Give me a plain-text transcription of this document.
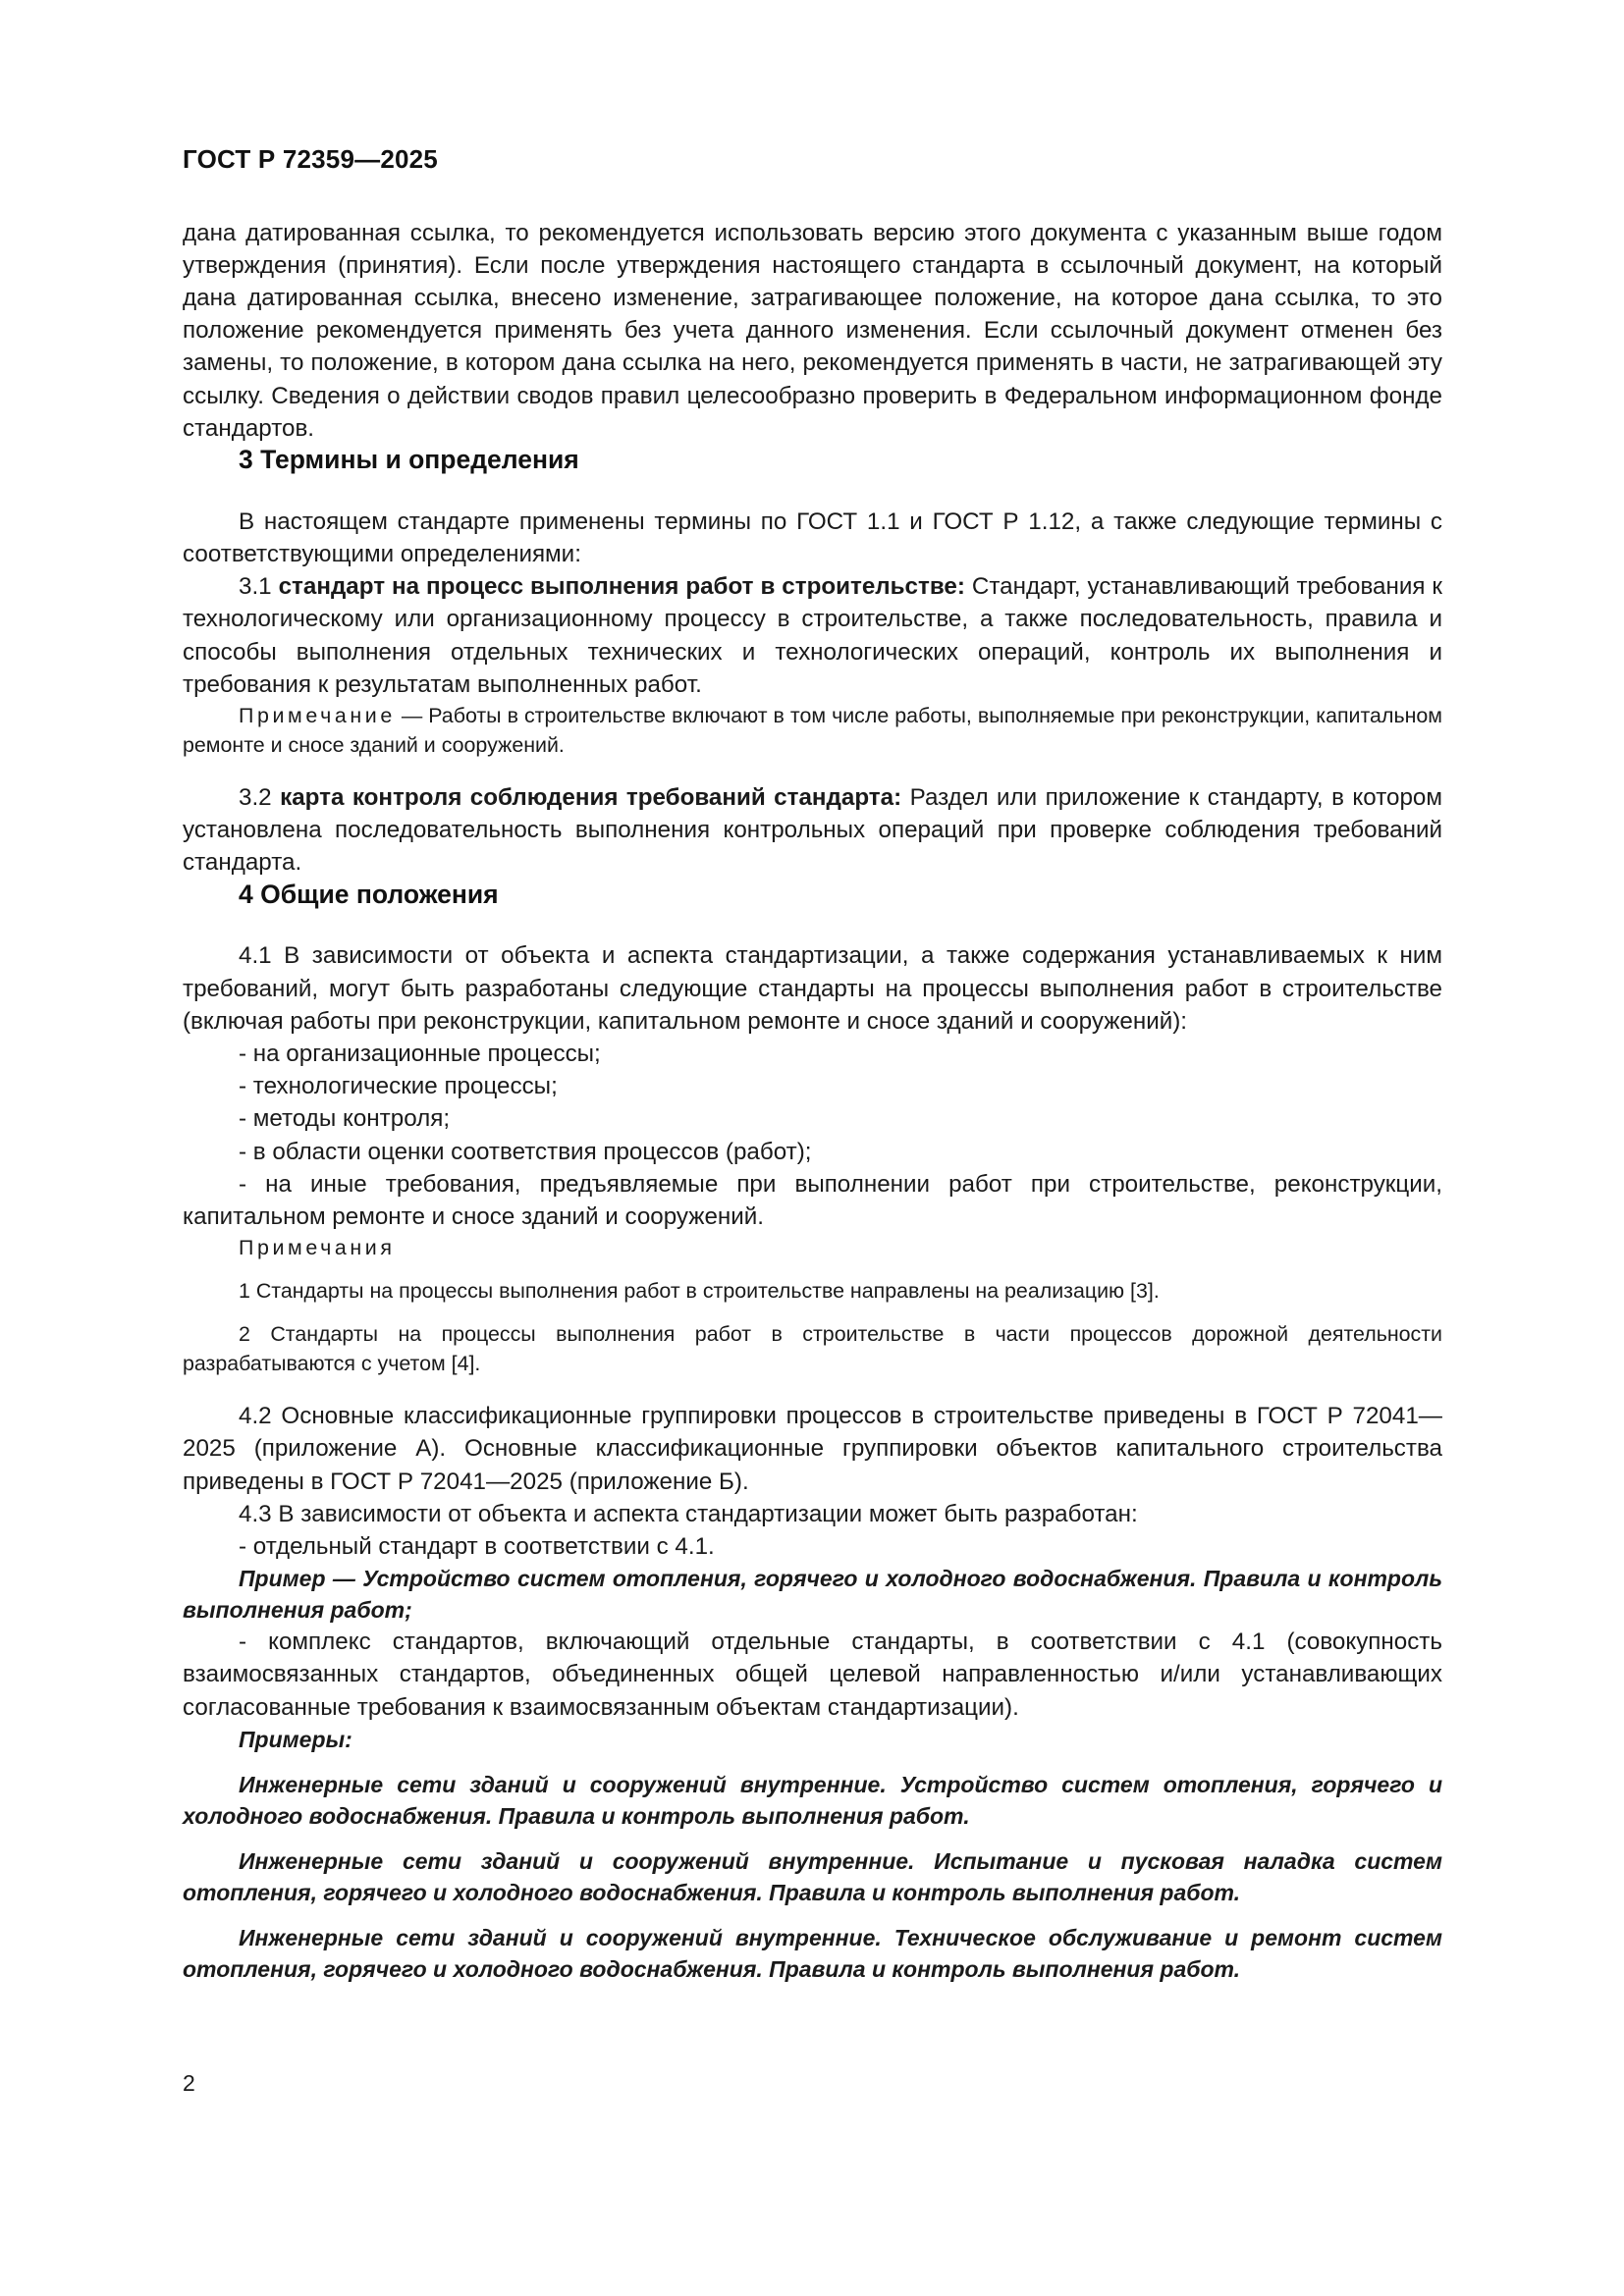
ГОСТ Р 72359—2025

дана датированная ссылка, то рекомендуется использовать версию этого документа с указанным выше годом утверждения (принятия). Если после утверждения настоящего стандарта в ссылочный документ, на который дана датированная ссылка, внесено изменение, затрагивающее положение, на которое дана ссылка, то это положение рекомендуется применять без учета данного изменения. Если ссылочный документ отменен без замены, то положение, в котором дана ссылка на него, рекомендуется применять в части, не затрагивающей эту ссылку. Сведения о действии сводов правил целесообразно проверить в Федеральном информационном фонде стандартов.

3 Термины и определения

В настоящем стандарте применены термины по ГОСТ 1.1 и ГОСТ Р 1.12, а также следующие термины с соответствующими определениями:

3.1 стандарт на процесс выполнения работ в строительстве: Стандарт, устанавливающий требования к технологическому или организационному процессу в строительстве, а также последовательность, правила и способы выполнения отдельных технических и технологических операций, контроль их выполнения и требования к результатам выполненных работ.

Примечание — Работы в строительстве включают в том числе работы, выполняемые при реконструкции, капитальном ремонте и сносе зданий и сооружений.

3.2 карта контроля соблюдения требований стандарта: Раздел или приложение к стандарту, в котором установлена последовательность выполнения контрольных операций при проверке соблюдения требований стандарта.

4 Общие положения

4.1 В зависимости от объекта и аспекта стандартизации, а также содержания устанавливаемых к ним требований, могут быть разработаны следующие стандарты на процессы выполнения работ в строительстве (включая работы при реконструкции, капитальном ремонте и сносе зданий и сооружений):

- на организационные процессы;

- технологические процессы;

- методы контроля;

- в области оценки соответствия процессов (работ);

- на иные требования, предъявляемые при выполнении работ при строительстве, реконструкции, капитальном ремонте и сносе зданий и сооружений.

Примечания

1 Стандарты на процессы выполнения работ в строительстве направлены на реализацию [3].

2 Стандарты на процессы выполнения работ в строительстве в части процессов дорожной деятельности разрабатываются с учетом [4].

4.2 Основные классификационные группировки процессов в строительстве приведены в ГОСТ Р 72041—2025 (приложение А). Основные классификационные группировки объектов капитального строительства приведены в ГОСТ Р 72041—2025 (приложение Б).

4.3 В зависимости от объекта и аспекта стандартизации может быть разработан:

- отдельный стандарт в соответствии с 4.1.

Пример — Устройство систем отопления, горячего и холодного водоснабжения. Правила и контроль выполнения работ;

- комплекс стандартов, включающий отдельные стандарты, в соответствии с 4.1 (совокупность взаимосвязанных стандартов, объединенных общей целевой направленностью и/или устанавливающих согласованные требования к взаимосвязанным объектам стандартизации).

Примеры:

Инженерные сети зданий и сооружений внутренние. Устройство систем отопления, горячего и холодного водоснабжения. Правила и контроль выполнения работ.

Инженерные сети зданий и сооружений внутренние. Испытание и пусковая наладка систем отопления, горячего и холодного водоснабжения. Правила и контроль выполнения работ.

Инженерные сети зданий и сооружений внутренние. Техническое обслуживание и ремонт систем отопления, горячего и холодного водоснабжения. Правила и контроль выполнения работ.

2
